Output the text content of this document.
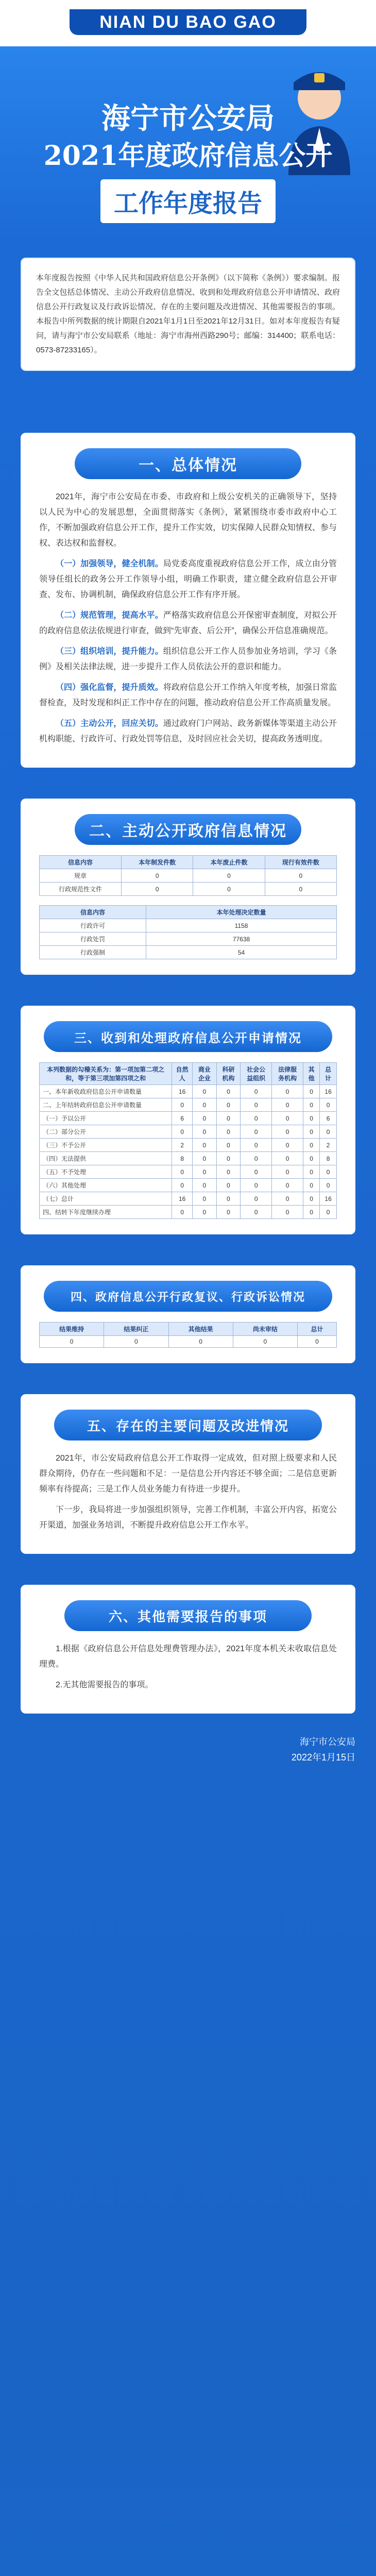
NIAN DU BAO GAO
海宁市公安局
2021年度政府信息公开
工作年度报告
本年度报告按照《中华人民共和国政府信息公开条例》（以下简称《条例》）要求编制。报告全文包括总体情况、主动公开政府信息情况、收到和处理政府信息公开申请情况、政府信息公开行政复议及行政诉讼情况、存在的主要问题及改进情况、其他需要报告的事项。本报告中所列数据的统计期限自2021年1月1日至2021年12月31日。如对本年度报告有疑问，请与海宁市公安局联系（地址：海宁市海州西路290号；邮编：314400；联系电话：0573-87233165）。
一、总体情况

2021年，海宁市公安局在市委、市政府和上级公安机关的正确领导下，坚持以人民为中心的发展思想，全面贯彻落实《条例》，紧紧围绕市委市政府中心工作，不断加强政府信息公开工作，提升工作实效，切实保障人民群众知情权、参与权、表达权和监督权。

（一）加强领导，健全机制。局党委高度重视政府信息公开工作，成立由分管领导任组长的政务公开工作领导小组，明确工作职责，建立健全政府信息公开审查、发布、协调机制，确保政府信息公开工作有序开展。

（二）规范管理，提高水平。严格落实政府信息公开保密审查制度，对拟公开的政府信息依法依规进行审查，做到“先审查、后公开”，确保公开信息准确规范。

（三）组织培训，提升能力。组织信息公开工作人员参加业务培训，学习《条例》及相关法律法规，进一步提升工作人员依法公开的意识和能力。

（四）强化监督，提升质效。将政府信息公开工作纳入年度考核，加强日常监督检查，及时发现和纠正工作中存在的问题，推动政府信息公开工作高质量发展。

（五）主动公开，回应关切。通过政府门户网站、政务新媒体等渠道主动公开机构职能、行政许可、行政处罚等信息，及时回应社会关切，提高政务透明度。

二、主动公开政府信息情况
信息内容	本年制发件数	本年废止件数	现行有效件数
规章	0	0	0
行政规范性文件	0	0	0
信息内容	本年处理决定数量
行政许可	1158
行政处罚	77638
行政强制	54
三、收到和处理政府信息公开申请情况
本列数据的勾稽关系为：第一项加第二项之和，等于第三项加第四项之和	自然人	商业企业	科研机构	社会公益组织	法律服务机构	其他	总计
一、本年新收政府信息公开申请数量	16	0	0	0	0	0	16
二、上年结转政府信息公开申请数量	0	0	0	0	0	0	0
（一）予以公开	6	0	0	0	0	0	6
（二）部分公开	0	0	0	0	0	0	0
（三）不予公开	2	0	0	0	0	0	2
（四）无法提供	8	0	0	0	0	0	8
（五）不予处理	0	0	0	0	0	0	0
（六）其他处理	0	0	0	0	0	0	0
（七）总计	16	0	0	0	0	0	16
四、结转下年度继续办理	0	0	0	0	0	0	0
四、政府信息公开行政复议、行政诉讼情况
结果维持	结果纠正	其他结果	尚未审结	总计
0	0	0	0	0
五、存在的主要问题及改进情况

2021年，市公安局政府信息公开工作取得一定成效，但对照上级要求和人民群众期待，仍存在一些问题和不足：一是信息公开内容还不够全面；二是信息更新频率有待提高；三是工作人员业务能力有待进一步提升。

下一步，我局将进一步加强组织领导，完善工作机制，丰富公开内容，拓宽公开渠道，加强业务培训，不断提升政府信息公开工作水平。

六、其他需要报告的事项

1.根据《政府信息公开信息处理费管理办法》，2021年度本机关未收取信息处理费。

2.无其他需要报告的事项。

海宁市公安局
2022年1月15日
